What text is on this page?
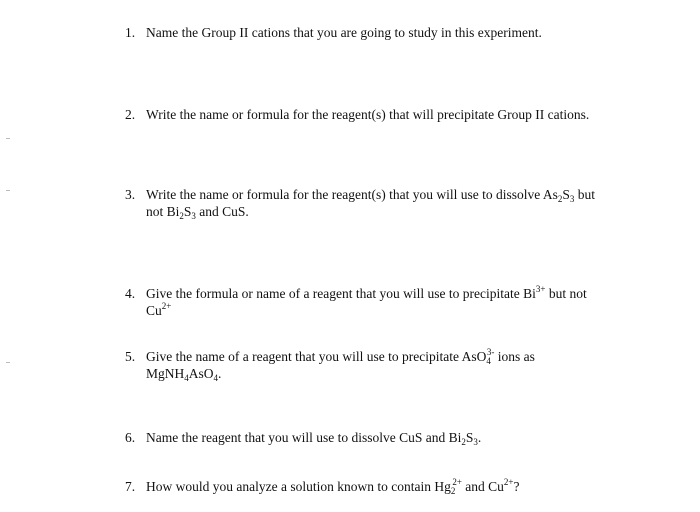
1. Name the Group II cations that you are going to study in this experiment.
2. Write the name or formula for the reagent(s) that will precipitate Group II cations.
3. Write the name or formula for the reagent(s) that you will use to dissolve $As_2S_3$ but
not $Bi_2S_3$ and CuS.
4. Give the formula or name of a reagent that you will use to precipitate $Bi^{3+}$ but not
$Cu^{2+}$
5. Give the name of a reagent that you will use to precipitate AsO$_4^{3-}$ ions as
MgNH$_4$AsO$_4$.
6. Name the reagent that you will use to dissolve CuS and $Bi_2S_3$.
7. How would you analyze a solution known to contain $Hg_2^{2+}$ and $Cu^{2+}$?
